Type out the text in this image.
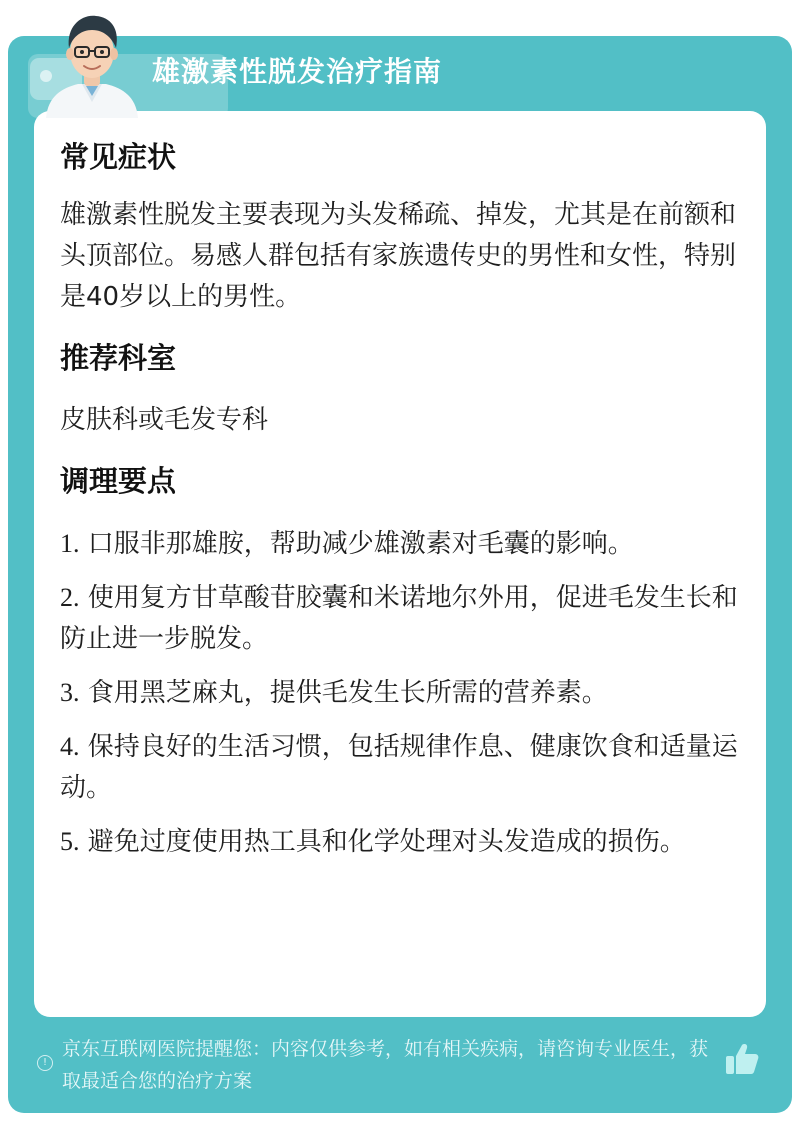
雄激素性脱发治疗指南
常见症状

雄激素性脱发主要表现为头发稀疏、掉发，尤其是在前额和头顶部位。易感人群包括有家族遗传史的男性和女性，特别是40岁以上的男性。

推荐科室

皮肤科或毛发专科

调理要点
1. 口服非那雄胺，帮助减少雄激素对毛囊的影响。
2. 使用复方甘草酸苷胶囊和米诺地尔外用，促进毛发生长和防止进一步脱发。
3. 食用黑芝麻丸，提供毛发生长所需的营养素。
4. 保持良好的生活习惯，包括规律作息、健康饮食和适量运动。
5. 避免过度使用热工具和化学处理对头发造成的损伤。
!
京东互联网医院提醒您：内容仅供参考，如有相关疾病，请咨询专业医生，获取最适合您的治疗方案
